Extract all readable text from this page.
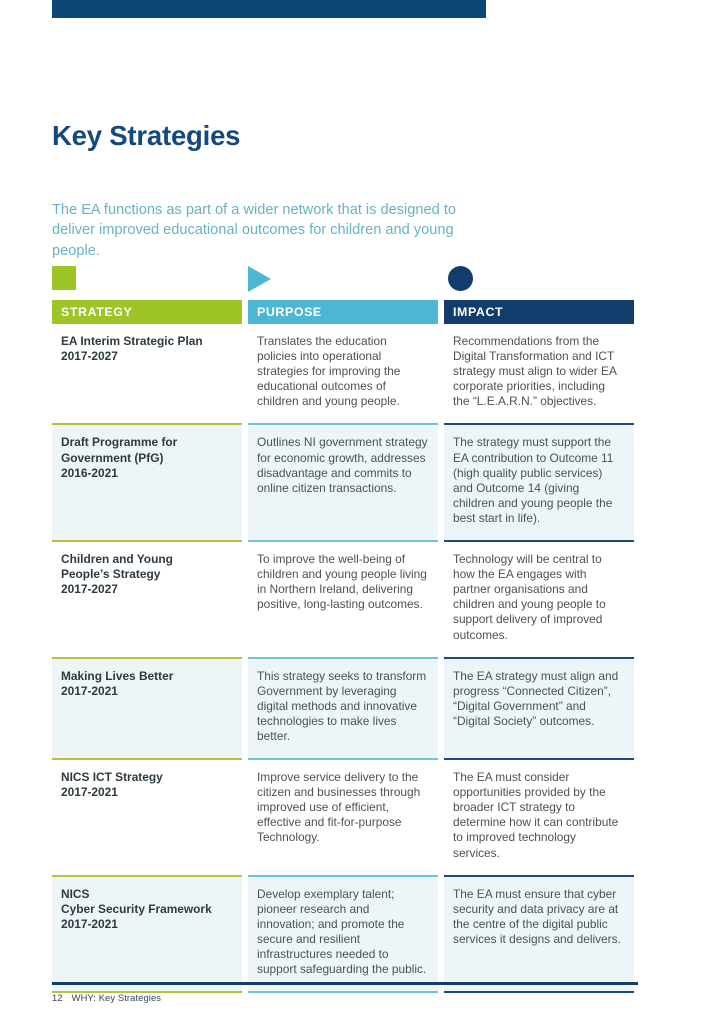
Key Strategies

The EA functions as part of a wider network that is designed to deliver improved educational outcomes for children and young people.

STRATEGY	PURPOSE	IMPACT
EA Interim Strategic Plan
2017-2027
Translates the education policies into operational strategies for improving the educational outcomes of children and young people.
Recommendations from the Digital Transformation and ICT strategy must align to wider EA corporate priorities, including the “L.E.A.R.N.” objectives.
Draft Programme for
Government (PfG)
2016-2021
Outlines NI government strategy for economic growth, addresses disadvantage and commits to online citizen transactions.
The strategy must support the EA contribution to Outcome 11 (high quality public services) and Outcome 14 (giving children and young people the best start in life).
Children and Young
People’s Strategy
2017-2027
To improve the well-being of children and young people living in Northern Ireland, delivering positive, long-lasting outcomes.
Technology will be central to how the EA engages with partner organisations and children and young people to support delivery of improved outcomes.
Making Lives Better
2017-2021
This strategy seeks to transform Government by leveraging digital methods and innovative technologies to make lives better.
The EA strategy must align and progress “Connected Citizen”, “Digital Government” and “Digital Society” outcomes.
NICS ICT Strategy
2017-2021
Improve service delivery to the citizen and businesses through improved use of efficient, effective and fit-for-purpose Technology.
The EA must consider opportunities provided by the broader ICT strategy to determine how it can contribute to improved technology services.
NICS
Cyber Security Framework
2017-2021
Develop exemplary talent; pioneer research and innovation; and promote the secure and resilient infrastructures needed to support safeguarding the public.
The EA must ensure that cyber security and data privacy are at the centre of the digital public services it designs and delivers.
12 WHY: Key Strategies
